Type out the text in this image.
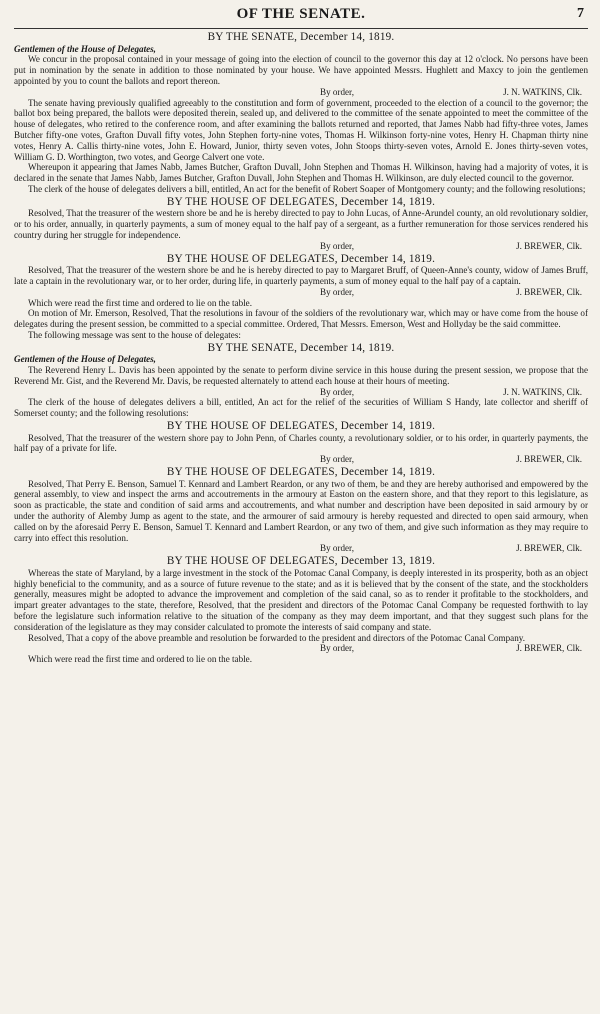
OF THE SENATE.	7

BY THE SENATE, December 14, 1819.

Gentlemen of the House of Delegates,

We concur in the proposal contained in your message of going into the election of council to the governor this day at 12 o'clock. No persons have been put in nomination by the senate in addition to those nominated by your house. We have appointed Messrs. Hughlett and Maxcy to join the gentlemen appointed by you to count the ballots and report thereon.

By order,	J. N. WATKINS, Clk.

The senate having previously qualified agreeably to the constitution and form of government, proceeded to the election of a council to the governor; the ballot box being prepared, the ballots were deposited therein, sealed up, and delivered to the committee of the senate appointed to meet the committee of the house of delegates, who retired to the conference room, and after examining the ballots returned and reported, that James Nabb had fifty-three votes, James Butcher fifty-one votes, Grafton Duvall fifty votes, John Stephen forty-nine votes, Thomas H. Wilkinson forty-nine votes, Henry H. Chapman thirty nine votes, Henry A. Callis thirty-nine votes, John E. Howard, Junior, thirty seven votes, John Stoops thirty-seven votes, Arnold E. Jones thirty-seven votes, William G. D. Worthington, two votes, and George Calvert one vote.

Whereupon it appearing that James Nabb, James Butcher, Grafton Duvall, John Stephen and Thomas H. Wilkinson, having had a majority of votes, it is declared in the senate that James Nabb, James Butcher, Grafton Duvall, John Stephen and Thomas H. Wilkinson, are duly elected council to the governor.

The clerk of the house of delegates delivers a bill, entitled, An act for the benefit of Robert Soaper of Montgomery county; and the following resolutions;

BY THE HOUSE OF DELEGATES, December 14, 1819.

Resolved, That the treasurer of the western shore be and he is hereby directed to pay to John Lucas, of Anne-Arundel county, an old revolutionary soldier, or to his order, annually, in quarterly payments, a sum of money equal to the half pay of a sergeant, as a further remuneration for those services rendered his country during her struggle for independence.

By order,	J. BREWER, Clk.

BY THE HOUSE OF DELEGATES, December 14, 1819.

Resolved, That the treasurer of the western shore be and he is hereby directed to pay to Margaret Bruff, of Queen-Anne's county, widow of James Bruff, late a captain in the revolutionary war, or to her order, during life, in quarterly payments, a sum of money equal to the half pay of a captain.

By order,	J. BREWER, Clk.

Which were read the first time and ordered to lie on the table.

On motion of Mr. Emerson, Resolved, That the resolutions in favour of the soldiers of the revolutionary war, which may or have come from the house of delegates during the present session, be committed to a special committee. Ordered, That Messrs. Emerson, West and Hollyday be the said committee.

The following message was sent to the house of delegates:

BY THE SENATE, December 14, 1819.

Gentlemen of the House of Delegates,

The Reverend Henry L. Davis has been appointed by the senate to perform divine service in this house during the present session, we propose that the Reverend Mr. Gist, and the Reverend Mr. Davis, be requested alternately to attend each house at their hours of meeting.

By order,	J. N. WATKINS, Clk.

The clerk of the house of delegates delivers a bill, entitled, An act for the relief of the securities of William S Handy, late collector and sheriff of Somerset county; and the following resolutions:

BY THE HOUSE OF DELEGATES, December 14, 1819.

Resolved, That the treasurer of the western shore pay to John Penn, of Charles county, a revolutionary soldier, or to his order, in quarterly payments, the half pay of a private for life.

By order,	J. BREWER, Clk.

BY THE HOUSE OF DELEGATES, December 14, 1819.

Resolved, That Perry E. Benson, Samuel T. Kennard and Lambert Reardon, or any two of them, be and they are hereby authorised and empowered by the general assembly, to view and inspect the arms and accoutrements in the armoury at Easton on the eastern shore, and that they report to this legislature, as soon as practicable, the state and condition of said arms and accoutrements, and what number and description have been deposited in said armoury by or under the authority of Alemby Jump as agent to the state, and the armourer of said armoury is hereby requested and directed to open said armoury, when called on by the aforesaid Perry E. Benson, Samuel T. Kennard and Lambert Reardon, or any two of them, and give such information as they may require to carry into effect this resolution.

By order,	J. BREWER, Clk.

BY THE HOUSE OF DELEGATES, December 13, 1819.

Whereas the state of Maryland, by a large investment in the stock of the Potomac Canal Company, is deeply interested in its prosperity, both as an object highly beneficial to the community, and as a source of future revenue to the state; and as it is believed that by the consent of the state, and the stockholders generally, measures might be adopted to advance the improvement and completion of the said canal, so as to render it profitable to the stockholders, and impart greater advantages to the state, therefore, Resolved, that the president and directors of the Potomac Canal Company be requested forthwith to lay before the legislature such information relative to the situation of the company as they may deem important, and that they suggest such plans for the consideration of the legislature as they may consider calculated to promote the interests of said company and state.

Resolved, That a copy of the above preamble and resolution be forwarded to the president and directors of the Potomac Canal Company.

By order,	J. BREWER, Clk.

Which were read the first time and ordered to lie on the table.
